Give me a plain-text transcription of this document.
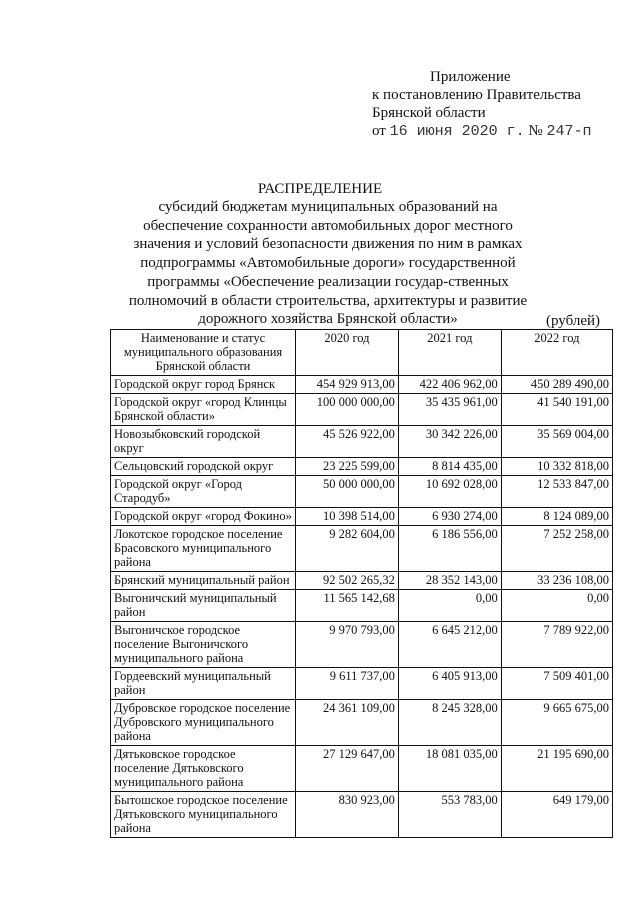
Приложение
к постановлению Правительства
Брянской области
от 16 июня 2020 г. № 247-п
РАСПРЕДЕЛЕНИЕ
субсидий бюджетам муниципальных образований на обеспечение сохранности автомобильных дорог местного значения и условий безопасности движения по ним в рамках подпрограммы «Автомобильные дороги» государственной программы «Обеспечение реализации государ-ственных полномочий в области строительства, архитектуры и развитие дорожного хозяйства Брянской области»	(рублей)
Наименование и статус муниципального образования Брянской области	2020 год	2021 год	2022 год
Городской округ город Брянск	454 929 913,00	422 406 962,00	450 289 490,00
Городской округ «город Клинцы Брянской области»	100 000 000,00	35 435 961,00	41 540 191,00
Новозыбковский городской округ	45 526 922,00	30 342 226,00	35 569 004,00
Сельцовский городской округ	23 225 599,00	8 814 435,00	10 332 818,00
Городской округ «Город Стародуб»	50 000 000,00	10 692 028,00	12 533 847,00
Городской округ «город Фокино»	10 398 514,00	6 930 274,00	8 124 089,00
Локотское городское поселение Брасовского муниципального района	9 282 604,00	6 186 556,00	7 252 258,00
Брянский муниципальный район	92 502 265,32	28 352 143,00	33 236 108,00
Выгоничский муниципальный район	11 565 142,68	0,00	0,00
Выгоничское городское поселение Выгоничского муниципального района	9 970 793,00	6 645 212,00	7 789 922,00
Гордеевский муниципальный район	9 611 737,00	6 405 913,00	7 509 401,00
Дубровское городское поселение Дубровского муниципального района	24 361 109,00	8 245 328,00	9 665 675,00
Дятьковское городское поселение Дятьковского муниципального района	27 129 647,00	18 081 035,00	21 195 690,00
Бытошское городское поселение Дятьковского муниципального района	830 923,00	553 783,00	649 179,00
